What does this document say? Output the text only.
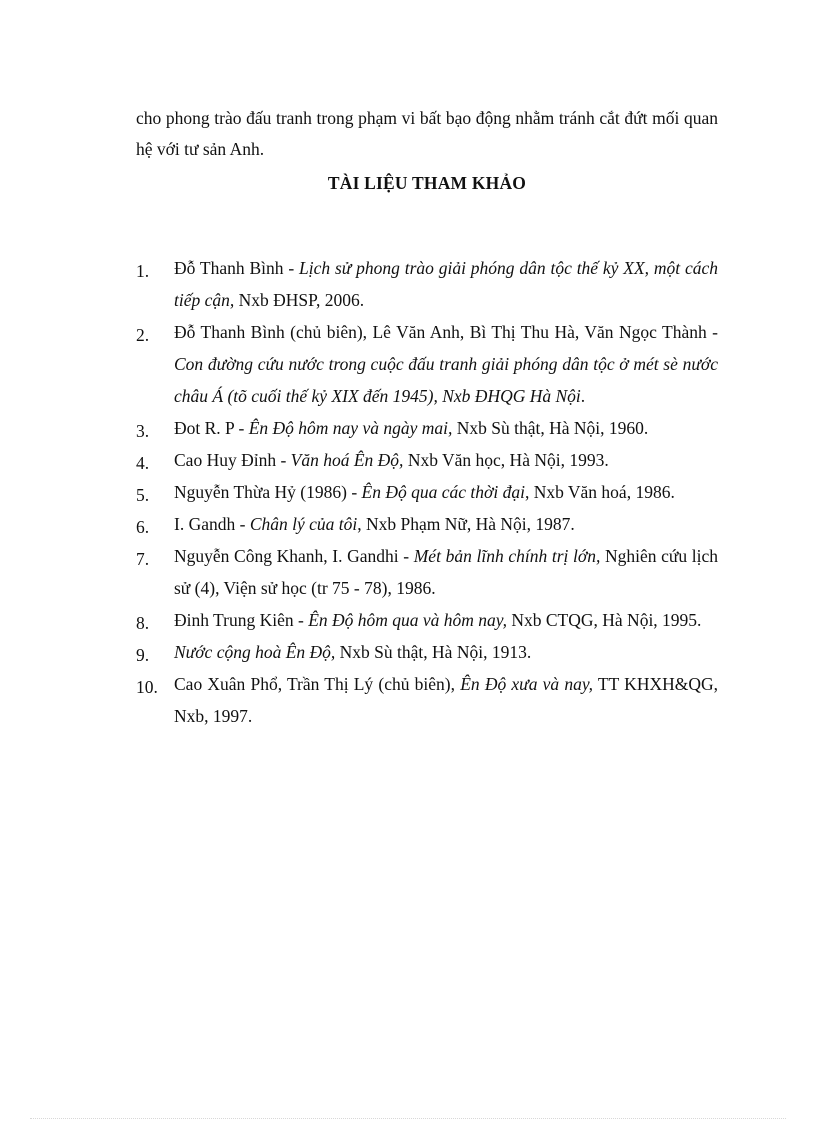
cho phong trào đấu tranh trong phạm vi bất bạo động nhằm tránh cắt đứt mối quan hệ với tư sản Anh.

TÀI LIỆU THAM KHẢO
1. Đỗ Thanh Bình - Lịch sử phong trào giải phóng dân tộc thế kỷ XX, một cách tiếp cận, Nxb ĐHSP, 2006.
2. Đỗ Thanh Bình (chủ biên), Lê Văn Anh, Bì Thị Thu Hà, Văn Ngọc Thành - Con đường cứu nước trong cuộc đấu tranh giải phóng dân tộc ở mét sè nước châu Á (tõ cuối thế kỷ XIX đến 1945), Nxb ĐHQG Hà Nội.
3. Đot R. P - Ên Độ hôm nay và ngày mai, Nxb Sù thật, Hà Nội, 1960.
4. Cao Huy Đỉnh - Văn hoá Ên Độ, Nxb Văn học, Hà Nội, 1993.
5. Nguyễn Thừa Hỷ (1986) - Ên Độ qua các thời đại, Nxb Văn hoá, 1986.
6. I. Gandh - Chân lý của tôi, Nxb Phạm Nữ, Hà Nội, 1987.
7. Nguyễn Công Khanh, I. Gandhi - Mét bản lĩnh chính trị lớn, Nghiên cứu lịch sử (4), Viện sử học (tr 75 - 78), 1986.
8. Đinh Trung Kiên - Ên Độ hôm qua và hôm nay, Nxb CTQG, Hà Nội, 1995.
9. Nước cộng hoà Ên Độ, Nxb Sù thật, Hà Nội, 1913.
10. Cao Xuân Phổ, Trần Thị Lý (chủ biên), Ên Độ xưa và nay, TT KHXH&QG, Nxb, 1997.
